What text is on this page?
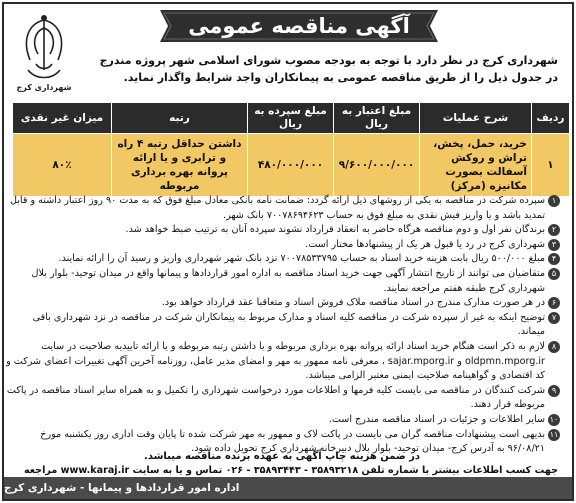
شهرداری کرج
آگهی مناقصه عمومی
شهرداری کرج در نظر دارد با توجه به بودجه مصوب شورای اسلامی شهر پروژه مندرج در جدول ذیل را از طریق مناقصه عمومی به پیمانکاران واجد شرایط واگذار نماید.
ردیف	شرح عملیات	مبلغ اعتبار به ریال	مبلغ سپرده به ریال	رتبه	میزان غیر نقدی
۱	خرید، حمل، پخش، تراش و روکش آسفالت بصورت مکانیزه (مرکز)	۹/۶۰۰/۰۰۰/۰۰۰	۴۸۰/۰۰۰/۰۰۰	داشتن حداقل رتبه ۴ راه و ترابری و یا ارائه پروانه بهره برداری مربوطه	۸۰٪
۱
سپرده شرکت در مناقصه به یکی از روشهای ذیل ارائه گردد: ضمانت نامه بانکی معادل مبلغ فوق که به مدت ۹۰ روز اعتبار داشته و قابل تمدید باشد و یا واریز فیش نقدی به مبلغ فوق به حساب ۷۰۰۷۸۶۹۴۶۲۳ بانک شهر.
۲
برندگان نفر اول و دوم مناقصه هرگاه حاضر به انعقاد قرارداد نشوند سپرده آنان به ترتیب ضبط خواهد شد.
۳
شهرداری کرج در رد یا قبول هر یک از پیشنهادها مختار است.
۴
مبلغ ۵۰۰/۰۰۰ ریال بابت هزینه خرید اسناد به حساب ۷۰۰۷۸۵۳۳۷۹۵ نزد بانک شهر شهرداری واریز و رسید آن را ارائه نمایند.
۵
متقاضیان می توانند از تاریخ انتشار آگهی جهت خرید اسناد مناقصه به اداره امور قراردادها و پیمانها واقع در میدان توحید- بلوار بلال شهرداری کرج طبقه هفتم مراجعه نمایند.
۶
در هر صورت مدارک مندرج در اسناد مناقصه ملاک فروش اسناد و متعاقبا عقد قرارداد خواهد بود.
۷
توضیح اینکه به غیر از سپرده شرکت در مناقصه کلیه اسناد و مدارک مربوط به پیمانکاران شرکت در مناقصه در نزد شهرداری باقی میماند.
۸
لازم به ذکر است هنگام خرید اسناد ارائه پروانه بهره برداری مربوطه و یا داشتن رتبه مربوطه و یا ارائه تاییدیه صلاحیت در سایت oldpmn.mporg.ir و sajar.mporg.ir ، معرفی نامه ممهور به مهر و امضای مدیر عامل، روزنامه آخرین آگهی تغییرات اعضای شرکت و کد اقتصادی و گواهینامه صلاحیت ایمنی معتبر الزامی میباشد.
۹
شرکت کنندگان در مناقصه می بایست کلیه فرمها و اطلاعات مورد درخواست شهرداری را تکمیل و به همراه سایر اسناد مناقصه در پاکت مربوطه قرار دهند.
۱۰
سایر اطلاعات و جزئیات در اسناد مناقصه مندرج است.
۱۱
بدیهی است پیشنهادات مناقصه گران می بایست در پاکت لاک و ممهور به مهر شرکت شده تا پایان وقت اداری روز یکشنبه مورخ ۹۶/۰۸/۲۱ به آدرس کرج- میدان توحید- بلوار بلال دبیرخانه شهرداری کرج تحویل داده شود.
در ضمن هزینه چاپ آگهی به عهده برنده مناقصه میباشد.
جهت کسب اطلاعات بیشتر با شماره تلفن ۳۵۸۹۳۲۱۸ - ۳۵۸۹۳۴۴۳ - ۰۲۶ تماس و یا به سایت www.karaj.ir مراجعه
اداره امور قراردادها و پیمانها - شهرداری کرج
